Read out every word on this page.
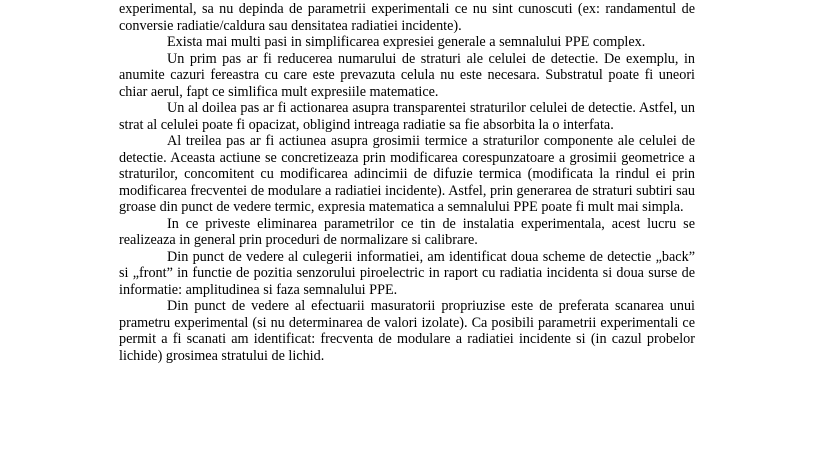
experimental, sa nu depinda de parametrii experimentali ce nu sint cunoscuti (ex: randamentul de conversie radiatie/caldura sau densitatea radiatiei incidente).

Exista mai multi pasi in simplificarea expresiei generale a semnalului PPE complex.

Un prim pas ar fi reducerea numarului de straturi ale celulei de detectie. De exemplu, in anumite cazuri fereastra cu care este prevazuta celula nu este necesara. Substratul poate fi uneori chiar aerul, fapt ce simlifica mult expresiile matematice.

Un al doilea pas ar fi actionarea asupra transparentei straturilor celulei de detectie. Astfel, un strat al celulei poate fi opacizat, obligind intreaga radiatie sa fie absorbita la o interfata.

Al treilea pas ar fi actiunea asupra grosimii termice a straturilor componente ale celulei de detectie. Aceasta actiune se concretizeaza prin modificarea corespunzatoare a grosimii geometrice a straturilor, concomitent cu modificarea adincimii de difuzie termica (modificata la rindul ei prin modificarea frecventei de modulare a radiatiei incidente). Astfel, prin generarea de straturi subtiri sau groase din punct de vedere termic, expresia matematica a semnalului PPE poate fi mult mai simpla.

In ce priveste eliminarea parametrilor ce tin de instalatia experimentala, acest lucru se realizeaza in general prin proceduri de normalizare si calibrare.

Din punct de vedere al culegerii informatiei, am identificat doua scheme de detectie „back” si „front” in functie de pozitia senzorului piroelectric in raport cu radiatia incidenta si doua surse de informatie: amplitudinea si faza semnalului PPE.

Din punct de vedere al efectuarii masuratorii propriuzise este de preferata scanarea unui prametru experimental (si nu determinarea de valori izolate). Ca posibili parametrii experimentali ce permit a fi scanati am identificat: frecventa de modulare a radiatiei incidente si (in cazul probelor lichide) grosimea stratului de lichid.
